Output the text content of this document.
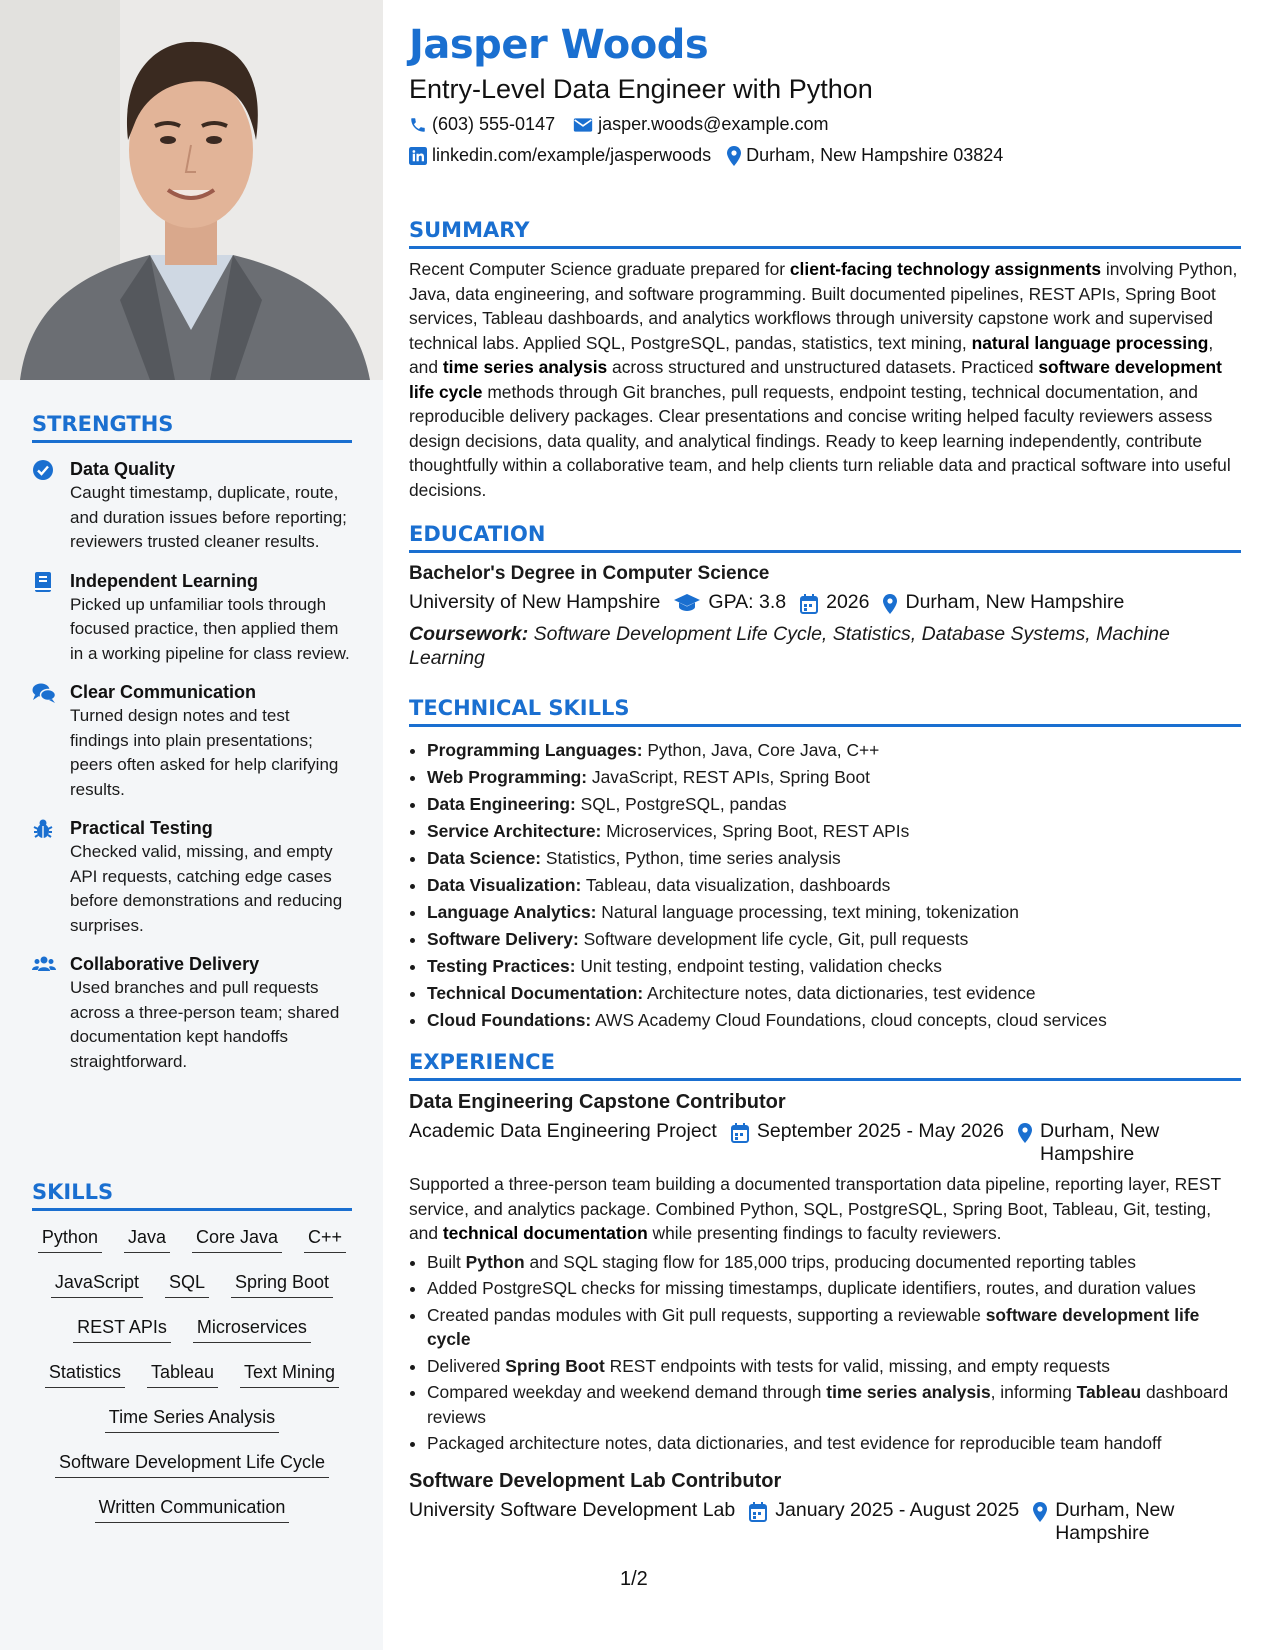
STRENGTHS
Data Quality
Caught timestamp, duplicate, route, and duration issues before reporting; reviewers trusted cleaner results.
Independent Learning
Picked up unfamiliar tools through focused practice, then applied them in a working pipeline for class review.
Clear Communication
Turned design notes and test findings into plain presentations; peers often asked for help clarifying results.
Practical Testing
Checked valid, missing, and empty API requests, catching edge cases before demonstrations and reducing surprises.
Collaborative Delivery
Used branches and pull requests across a three-person team; shared documentation kept handoffs straightforward.
SKILLS
Python Java Core Java C++
JavaScript SQL Spring Boot
REST APIs Microservices
Statistics Tableau Text Mining
Time Series Analysis
Software Development Life Cycle
Written Communication
Jasper Woods
Entry-Level Data Engineer with Python
(603) 555-0147 jasper.woods@example.com
linkedin.com/example/jasperwoods Durham, New Hampshire 03824
SUMMARY
Recent Computer Science graduate prepared for client-facing technology assignments involving Python, Java, data engineering, and software programming. Built documented pipelines, REST APIs, Spring Boot services, Tableau dashboards, and analytics workflows through university capstone work and supervised technical labs. Applied SQL, PostgreSQL, pandas, statistics, text mining, natural language processing, and time series analysis across structured and unstructured datasets. Practiced software development life cycle methods through Git branches, pull requests, endpoint testing, technical documentation, and reproducible delivery packages. Clear presentations and concise writing helped faculty reviewers assess design decisions, data quality, and analytical findings. Ready to keep learning independently, contribute thoughtfully within a collaborative team, and help clients turn reliable data and practical software into useful decisions.
EDUCATION
Bachelor's Degree in Computer Science
University of New Hampshire GPA: 3.8 2026 Durham, New Hampshire
Coursework: Software Development Life Cycle, Statistics, Database Systems, Machine Learning
TECHNICAL SKILLS
• Programming Languages: Python, Java, Core Java, C++
• Web Programming: JavaScript, REST APIs, Spring Boot
• Data Engineering: SQL, PostgreSQL, pandas
• Service Architecture: Microservices, Spring Boot, REST APIs
• Data Science: Statistics, Python, time series analysis
• Data Visualization: Tableau, data visualization, dashboards
• Language Analytics: Natural language processing, text mining, tokenization
• Software Delivery: Software development life cycle, Git, pull requests
• Testing Practices: Unit testing, endpoint testing, validation checks
• Technical Documentation: Architecture notes, data dictionaries, test evidence
• Cloud Foundations: AWS Academy Cloud Foundations, cloud concepts, cloud services
EXPERIENCE
Data Engineering Capstone Contributor
Academic Data Engineering Project September 2025 - May 2026 Durham, New Hampshire
Supported a three-person team building a documented transportation data pipeline, reporting layer, REST service, and analytics package. Combined Python, SQL, PostgreSQL, Spring Boot, Tableau, Git, testing, and technical documentation while presenting findings to faculty reviewers.
• Built Python and SQL staging flow for 185,000 trips, producing documented reporting tables
• Added PostgreSQL checks for missing timestamps, duplicate identifiers, routes, and duration values
• Created pandas modules with Git pull requests, supporting a reviewable software development life cycle
• Delivered Spring Boot REST endpoints with tests for valid, missing, and empty requests
• Compared weekday and weekend demand through time series analysis, informing Tableau dashboard reviews
• Packaged architecture notes, data dictionaries, and test evidence for reproducible team handoff
Software Development Lab Contributor
University Software Development Lab January 2025 - August 2025 Durham, New Hampshire
1/2
